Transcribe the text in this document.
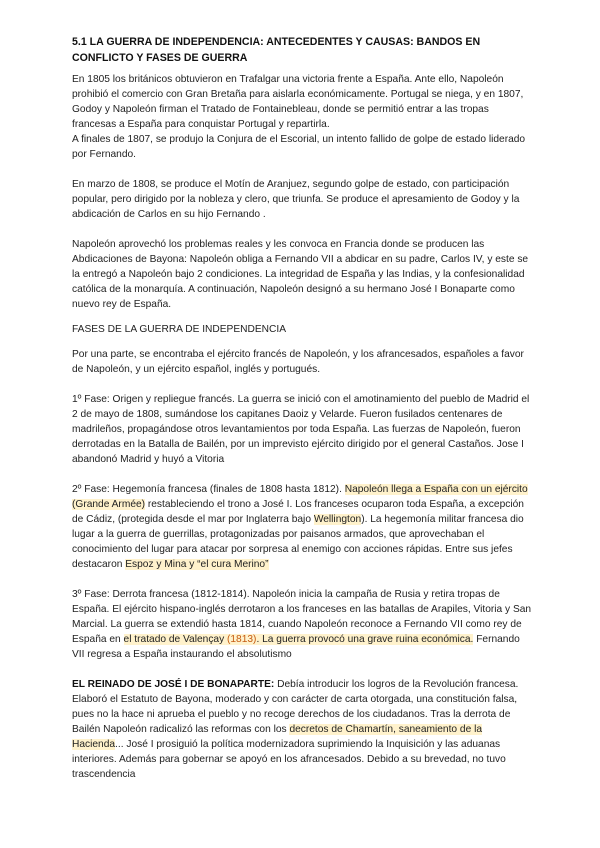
5.1 LA GUERRA DE INDEPENDENCIA: ANTECEDENTES Y CAUSAS: BANDOS EN CONFLICTO Y FASES DE GUERRA

En 1805 los británicos obtuvieron en Trafalgar una victoria frente a España. Ante ello, Napoleón prohibió el comercio con Gran Bretaña para aislarla económicamente. Portugal se niega, y en 1807, Godoy y Napoleón firman el Tratado de Fontainebleau, donde se permitió entrar a las tropas francesas a España para conquistar Portugal y repartirla.

A finales de 1807, se produjo la Conjura de el Escorial, un intento fallido de golpe de estado liderado por Fernando.

En marzo de 1808, se produce el Motín de Aranjuez, segundo golpe de estado, con participación popular, pero dirigido por la nobleza y clero, que triunfa. Se produce el apresamiento de Godoy y la abdicación de Carlos en su hijo Fernando .

Napoleón aprovechó los problemas reales y les convoca en Francia donde se producen las Abdicaciones de Bayona: Napoleón obliga a Fernando VII a abdicar en su padre, Carlos IV, y este se la entregó a Napoleón bajo 2 condiciones. La integridad de España y las Indias, y la confesionalidad católica de la monarquía. A continuación, Napoleón designó a su hermano José I Bonaparte como nuevo rey de España.

FASES DE LA GUERRA DE INDEPENDENCIA

Por una parte, se encontraba el ejército francés de Napoleón, y los afrancesados, españoles a favor de Napoleón, y un ejército español, inglés y portugués.

1º Fase: Origen y repliegue francés. La guerra se inició con el amotinamiento del pueblo de Madrid el 2 de mayo de 1808, sumándose los capitanes Daoiz y Velarde. Fueron fusilados centenares de madrileños, propagándose otros levantamientos por toda España. Las fuerzas de Napoleón, fueron derrotadas en la Batalla de Bailén, por un imprevisto ejército dirigido por el general Castaños. Jose I abandonó Madrid y huyó a Vitoria

2º Fase: Hegemonía francesa (finales de 1808 hasta 1812). Napoleón llega a España con un ejército (Grande Armée) restableciendo el trono a José I. Los franceses ocuparon toda España, a excepción de Cádiz, (protegida desde el mar por Inglaterra bajo Wellington). La hegemonía militar francesa dio lugar a la guerra de guerrillas, protagonizadas por paisanos armados, que aprovechaban el conocimiento del lugar para atacar por sorpresa al enemigo con acciones rápidas. Entre sus jefes destacaron Espoz y Mina y “el cura Merino”

3º Fase: Derrota francesa (1812-1814). Napoleón inicia la campaña de Rusia y retira tropas de España. El ejército hispano-inglés derrotaron a los franceses en las batallas de Arapiles, Vitoria y San Marcial. La guerra se extendió hasta 1814, cuando Napoleón reconoce a Fernando VII como rey de España en el tratado de Valençay (1813). La guerra provocó una grave ruina económica. Fernando VII regresa a España instaurando el absolutismo

EL REINADO DE JOSÉ I DE BONAPARTE: Debía introducir los logros de la Revolución francesa. Elaboró el Estatuto de Bayona, moderado y con carácter de carta otorgada, una constitución falsa, pues no la hace ni aprueba el pueblo y no recoge derechos de los ciudadanos. Tras la derrota de Bailén Napoleón radicalizó las reformas con los decretos de Chamartín, saneamiento de la Hacienda... José I prosiguió la política modernizadora suprimiendo la Inquisición y las aduanas interiores. Además para gobernar se apoyó en los afrancesados. Debido a su brevedad, no tuvo trascendencia
